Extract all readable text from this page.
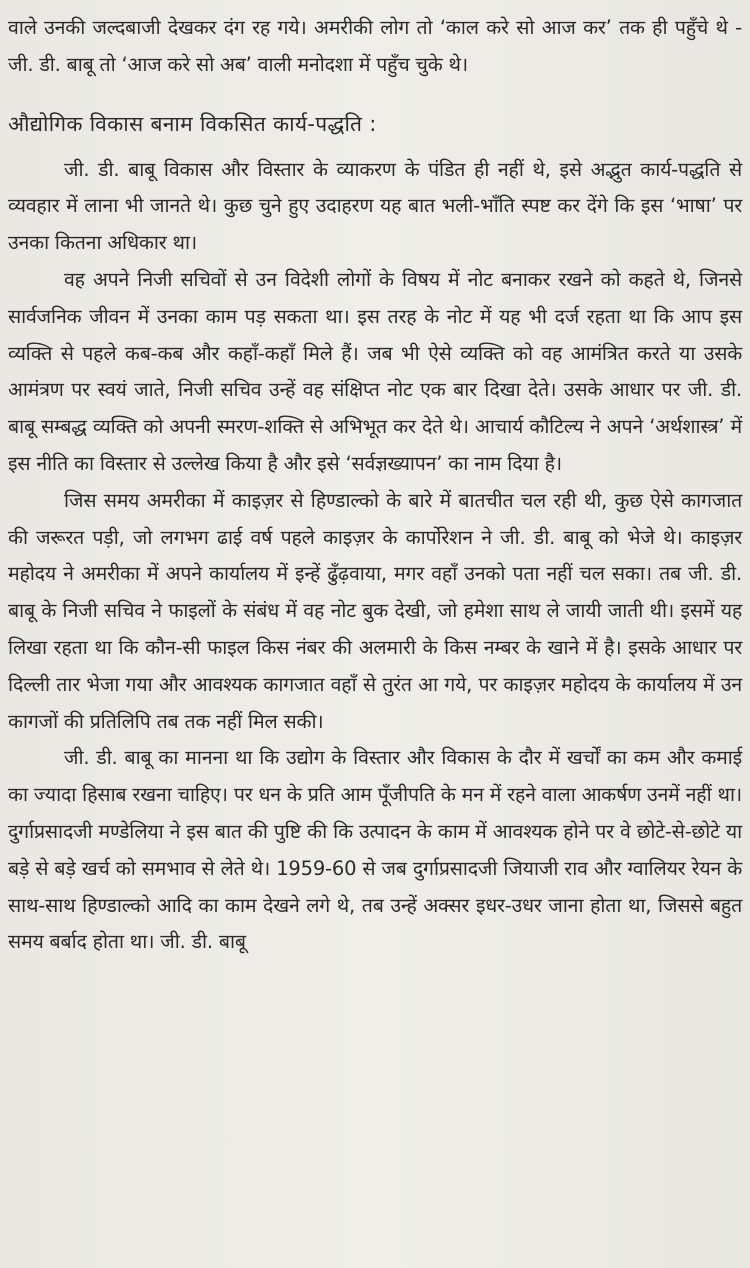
वाले उनकी जल्दबाजी देखकर दंग रह गये। अमरीकी लोग तो ‘काल करे सो आज कर’ तक ही पहुँचे थे - जी. डी. बाबू तो ‘आज करे सो अब’ वाली मनोदशा में पहुँच चुके थे।

औद्योगिक विकास बनाम विकसित कार्य-पद्धति :

जी. डी. बाबू विकास और विस्तार के व्याकरण के पंडित ही नहीं थे, इसे अद्भुत कार्य-पद्धति से व्यवहार में लाना भी जानते थे। कुछ चुने हुए उदाहरण यह बात भली-भाँति स्पष्ट कर देंगे कि इस ‘भाषा’ पर उनका कितना अधिकार था।

वह अपने निजी सचिवों से उन विदेशी लोगों के विषय में नोट बनाकर रखने को कहते थे, जिनसे सार्वजनिक जीवन में उनका काम पड़ सकता था। इस तरह के नोट में यह भी दर्ज रहता था कि आप इस व्यक्ति से पहले कब-कब और कहाँ-कहाँ मिले हैं। जब भी ऐसे व्यक्ति को वह आमंत्रित करते या उसके आमंत्रण पर स्वयं जाते, निजी सचिव उन्हें वह संक्षिप्त नोट एक बार दिखा देते। उसके आधार पर जी. डी. बाबू सम्बद्ध व्यक्ति को अपनी स्मरण-शक्ति से अभिभूत कर देते थे। आचार्य कौटिल्य ने अपने ‘अर्थशास्त्र’ में इस नीति का विस्तार से उल्लेख किया है और इसे ‘सर्वज्ञख्यापन’ का नाम दिया है।

जिस समय अमरीका में काइज़र से हिण्डाल्को के बारे में बातचीत चल रही थी, कुछ ऐसे कागजात की जरूरत पड़ी, जो लगभग ढाई वर्ष पहले काइज़र के कार्पोरेशन ने जी. डी. बाबू को भेजे थे। काइज़र महोदय ने अमरीका में अपने कार्यालय में इन्हें ढुँढ़वाया, मगर वहाँ उनको पता नहीं चल सका। तब जी. डी. बाबू के निजी सचिव ने फाइलों के संबंध में वह नोट बुक देखी, जो हमेशा साथ ले जायी जाती थी। इसमें यह लिखा रहता था कि कौन-सी फाइल किस नंबर की अलमारी के किस नम्बर के खाने में है। इसके आधार पर दिल्ली तार भेजा गया और आवश्यक कागजात वहाँ से तुरंत आ गये, पर काइज़र महोदय के कार्यालय में उन कागजों की प्रतिलिपि तब तक नहीं मिल सकी।

जी. डी. बाबू का मानना था कि उद्योग के विस्तार और विकास के दौर में खर्चों का कम और कमाई का ज्यादा हिसाब रखना चाहिए। पर धन के प्रति आम पूँजीपति के मन में रहने वाला आकर्षण उनमें नहीं था। दुर्गाप्रसादजी मण्डेलिया ने इस बात की पुष्टि की कि उत्पादन के काम में आवश्यक होने पर वे छोटे-से-छोटे या बड़े से बड़े खर्च को समभाव से लेते थे। 1959-60 से जब दुर्गाप्रसादजी जियाजी राव और ग्वालियर रेयन के साथ-साथ हिण्डाल्को आदि का काम देखने लगे थे, तब उन्हें अक्सर इधर-उधर जाना होता था, जिससे बहुत समय बर्बाद होता था। जी. डी. बाबू
